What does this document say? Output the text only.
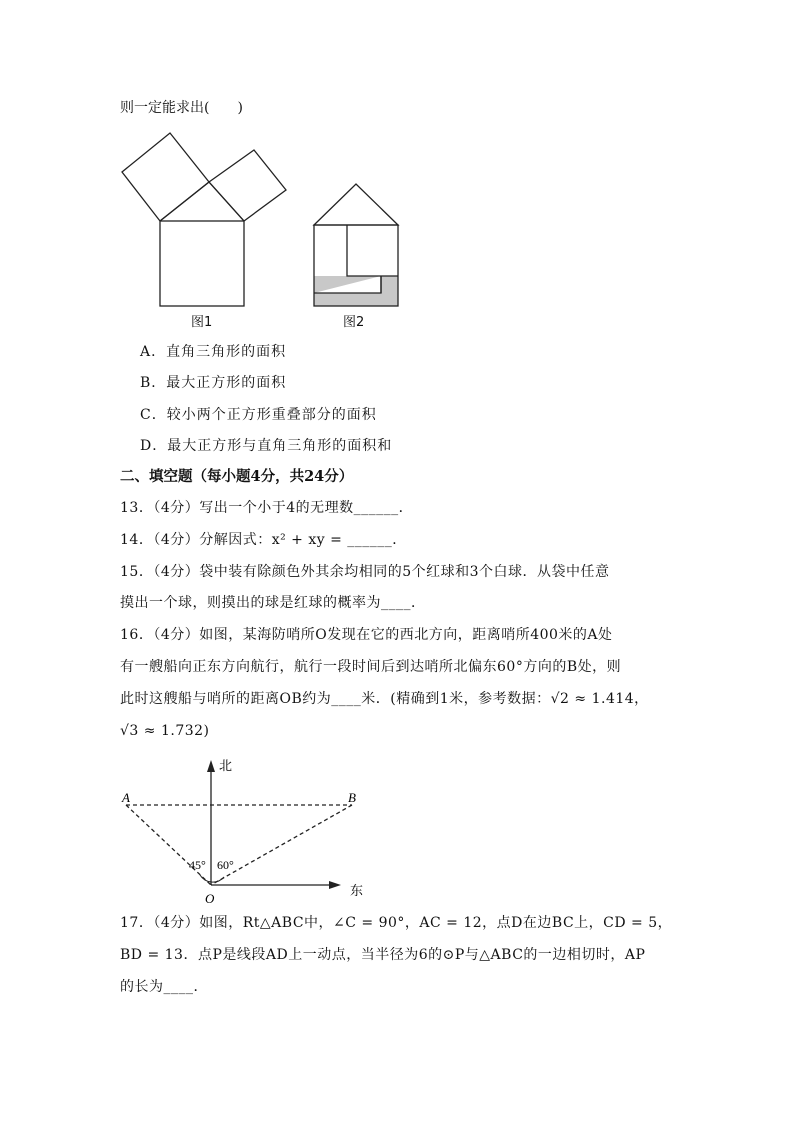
则一定能求出(　　)
北
东
A	B
O
45° 60°
图1	图2
A．直角三角形的面积
B．最大正方形的面积
C．较小两个正方形重叠部分的面积
D．最大正方形与直角三角形的面积和
二、填空题（每小题4分，共24分）
13．（4分）写出一个小于4的无理数______．
14．（4分）分解因式：x² + xy = ______．
15．（4分）袋中装有除颜色外其余均相同的5个红球和3个白球．从袋中任意
摸出一个球，则摸出的球是红球的概率为____．
16．（4分）如图，某海防哨所O发现在它的西北方向，距离哨所400米的A处
有一艘船向正东方向航行，航行一段时间后到达哨所北偏东60°方向的B处，则
此时这艘船与哨所的距离OB约为____米．(精确到1米，参考数据：√2 ≈ 1.414，
√3 ≈ 1.732)
17．（4分）如图，Rt△ABC中，∠C = 90°，AC = 12，点D在边BC上，CD = 5，
BD = 13．点P是线段AD上一动点，当半径为6的⊙P与△ABC的一边相切时，AP
的长为____．
